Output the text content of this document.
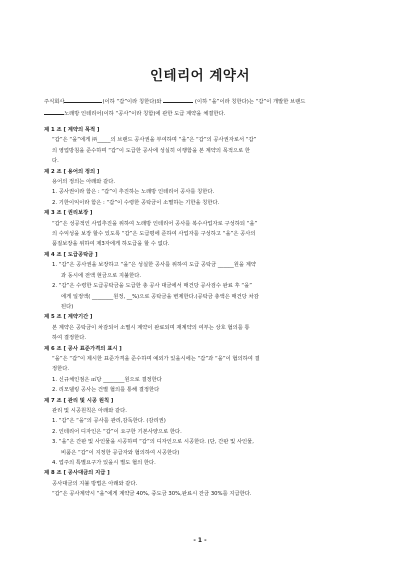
인테리어 계약서
주식회사	(이하 “갑”이라 칭한다)와	(이하 “을”이라 칭한다)는 “갑”이 개발한 브랜드
노래방 인테리어(이하 “공사”이라 칭함)에 관한 도급 계약을 체결한다.
제 1 조 [ 계약의 목적 ]
“갑”은 “을”에게 ㈜_____의 브랜드 공사권을 부여하며 “을”은 “갑”의 공사권자로서 “갑”
의 영업방침을 준수하며 “갑”이 도급한 공사에 성실히 이행함을 본 계약의 목적으로 한
다.
제 2 조 [ 용어의 정의 ]
용어의 정의는 아래와 같다.
1. 공사권이라 함은 : “갑”이 추진하는 노래방 인테리어 공사를 칭한다.
2. 기한이익이라 함은 : “갑”이 수령한 공탁금이 소멸하는 기한을 칭한다.
제 3 조 [ 권리보장 ]
“갑”은 성공적인 사업추진을 위하여 노래방 인테리어 공사를 복수사업자로 구성하되 “을”
의 수익성을 보장 할수 있도록 “갑”은 도급평에 준하여 사업자를 구성하고 “을”은 공사의
품질보장을 위하여 제3자에게 하도급을 할 수 없다.
제 4 조 [ 도급공탁금 ]
1. “갑”은 공사권을 보장하고 “을”은 성실한 공사를 위하여 도급 공탁금 ______원을 계약
과 동시에 전액 현금으로 지불한다.
2. “갑”은 수령한 도급공탁금을 도급한 총 공사 대금에서 매건당 공사검수 완료 후 “을”
에게 일정액( ________원정, __%)으로 공탁금을 변제한다.(공탁금 총액은 매건당 차감
된다)
제 5 조 [ 계약기간 ]
본 계약은 공탁금이 차감되어 소멸시 계약이 완료되며 재계약의 여부는 상호 협의를 통
하여 결정한다.
제 6 조 [ 공사 표준가격의 표시 ]
“을”은 “갑”이 제시한 표준가격을 준수하며 예외가 있을시에는 “갑”과 “을”이 협의하여 결
정한다.
1. 신규체인점은 ㎡당 ________원으로 결정한다
2. 리모델링 공사는 건별 협의를 통해 결정한다
제 7 조 [ 관리 및 시공 원칙 ]
관리 및 시공원칙은 아래와 같다.
1. “갑”은 “을”의 공사를 관리,감독한다. (감리권)
2. 인테리어 디자인은 “갑”이 요구한 기본사양으로 한다.
3. “을”은 간판 및 사인물을 시공하며 “갑”의 디자인으로 시공한다. (단, 간판 및 사인물,
비품은 “갑”이 지정한 공급자와 협의하여 시공한다)
4. 업주의 특별요구가 있을시 별도 협의 한다.
제 8 조 [ 공사대금의 지급 ]
공사대금의 지불 방법은 아래와 같다.
“갑”은 공사계약시 “을”에게 계약금 40%, 중도금 30%,완료시 잔금 30%를 지급한다.
- 1 -
